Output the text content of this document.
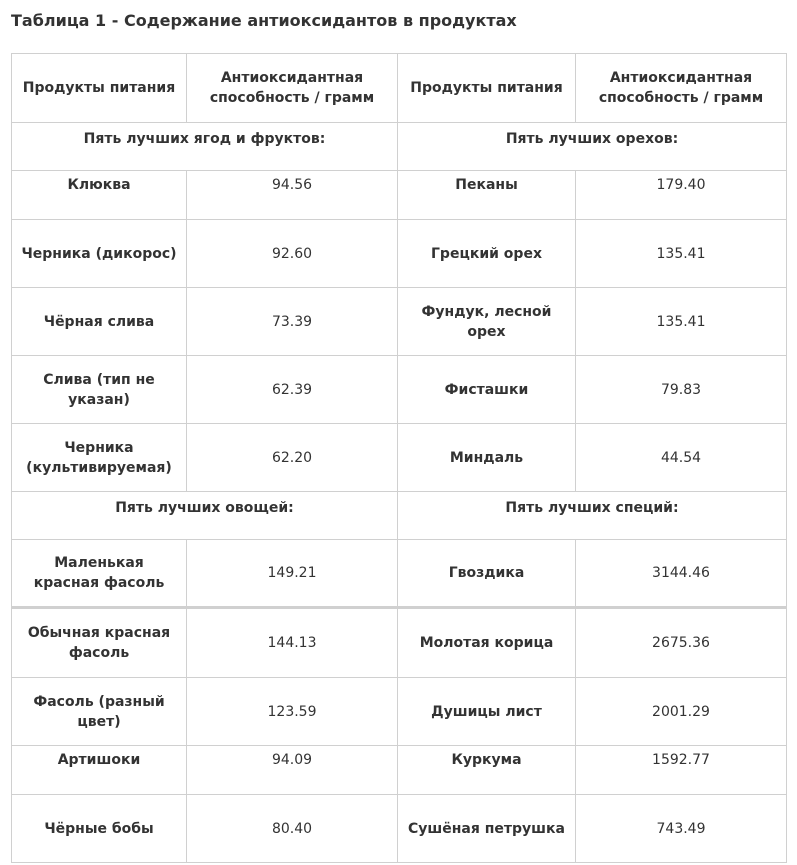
Таблица 1 - Содержание антиоксидантов в продуктах
Продукты питания	Антиоксидантная способность / грамм	Продукты питания	Антиоксидантная способность / грамм
Пять лучших ягод и фруктов:		Пять лучших орехов:	
Клюква	94.56	Пеканы	179.40
Черника (дикорос)	92.60	Грецкий орех	135.41
Чёрная слива	73.39	Фундук, лесной орех	135.41
Слива (тип не указан)	62.39	Фисташки	79.83
Черника (культивируемая)	62.20	Миндаль	44.54
Пять лучших овощей:		Пять лучших специй:	
Маленькая красная фасоль	149.21	Гвоздика	3144.46
Обычная красная фасоль	144.13	Молотая корица	2675.36
Фасоль (разный цвет)	123.59	Душицы лист	2001.29
Артишоки	94.09	Куркума	1592.77
Чёрные бобы	80.40	Сушёная петрушка	743.49
